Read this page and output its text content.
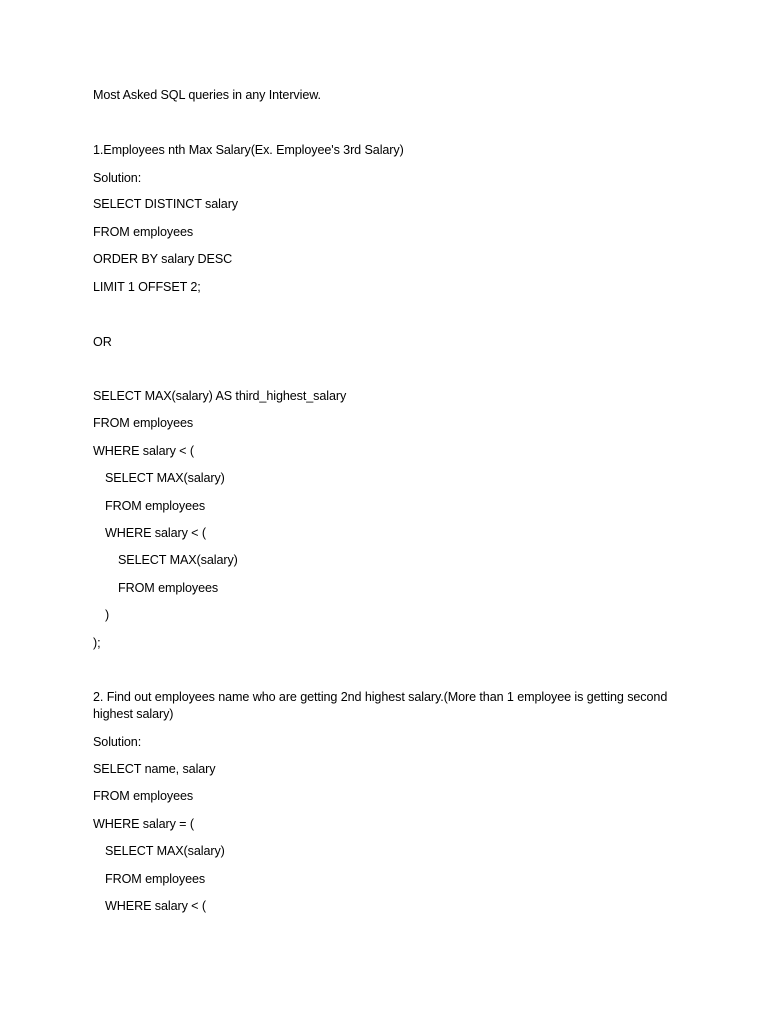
Most Asked SQL queries in any Interview.
1.Employees nth Max Salary(Ex. Employee's 3rd Salary)
Solution:
SELECT DISTINCT salary
FROM employees
ORDER BY salary DESC
LIMIT 1 OFFSET 2;
OR
SELECT MAX(salary) AS third_highest_salary
FROM employees
WHERE salary < (
SELECT MAX(salary)
FROM employees
WHERE salary < (
SELECT MAX(salary)
FROM employees
)
);
2. Find out employees name who are getting 2nd highest salary.(More than 1 employee is getting second highest salary)
Solution:
SELECT name, salary
FROM employees
WHERE salary = (
SELECT MAX(salary)
FROM employees
WHERE salary < (
